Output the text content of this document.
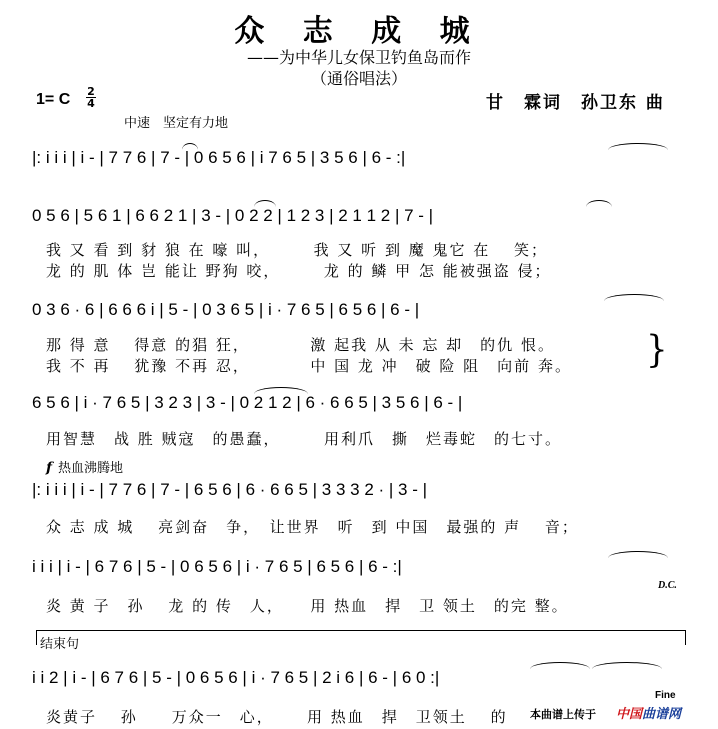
众 志 成 城
——为中华儿女保卫钓鱼岛而作
（通俗唱法）
1= C 2
4	甘　霖词　孙卫东 曲
中速　坚定有力地
|: i i i | i - | 7 7 6 | 7 - | 0 6 5 6 | i 7 6 5 | 3 5 6 | 6 - :|
0 5 6 | 5 6 1 | 6 6 2 1 | 3 - | 0 2 2 | 1 2 3 | 2 1 1 2 | 7 - |
我 又 看 到 豺 狼 在 嚎 叫，　　　我 又 听 到 魔 鬼它 在　 笑；
龙 的 肌 体 岂 能让 野狗 咬，　　　龙 的 鳞 甲 怎 能被强盗 侵；
0 3 6 · 6 | 6 6 6 i | 5 - | 0 3 6 5 | i · 7 6 5 | 6 5 6 | 6 - |
那 得 意　 得意 的猖 狂，　　　　激 起我 从 未 忘 却　的仇 恨。
我 不 再　 犹豫 不再 忍，　　　　中 国 龙 冲　破 险 阻　向前 奔。 }
6 5 6 | i · 7 6 5 | 3 2 3 | 3 - | 0 2 1 2 | 6 · 6 6 5 | 3 5 6 | 6 - |
用智慧　战 胜 贼寇　的愚蠢，　　　用利爪　撕　烂毒蛇　的七寸。
f 热血沸腾地
|: i i i | i - | 7 7 6 | 7 - | 6 5 6 | 6 · 6 6 5 | 3 3 3 2 · | 3 - |
众 志 成 城　 亮剑奋　争，　让世界　听　到 中国　最强的 声　 音；
i i i | i - | 6 7 6 | 5 - | 0 6 5 6 | i · 7 6 5 | 6 5 6 | 6 - :|
D.C.
炎 黄 子　孙　 龙 的 传　人，　　用 热血　捍　卫 领土　的完 整。
结束句
i i 2 | i - | 6 7 6 | 5 - | 0 6 5 6 | i · 7 6 5 | 2 i 6 | 6 - | 6 0 :|
Fine
炎黄子　 孙　　万众一　心，　　 用 热血　捍　卫领土　 的 本曲谱上传于 中国曲谱网
